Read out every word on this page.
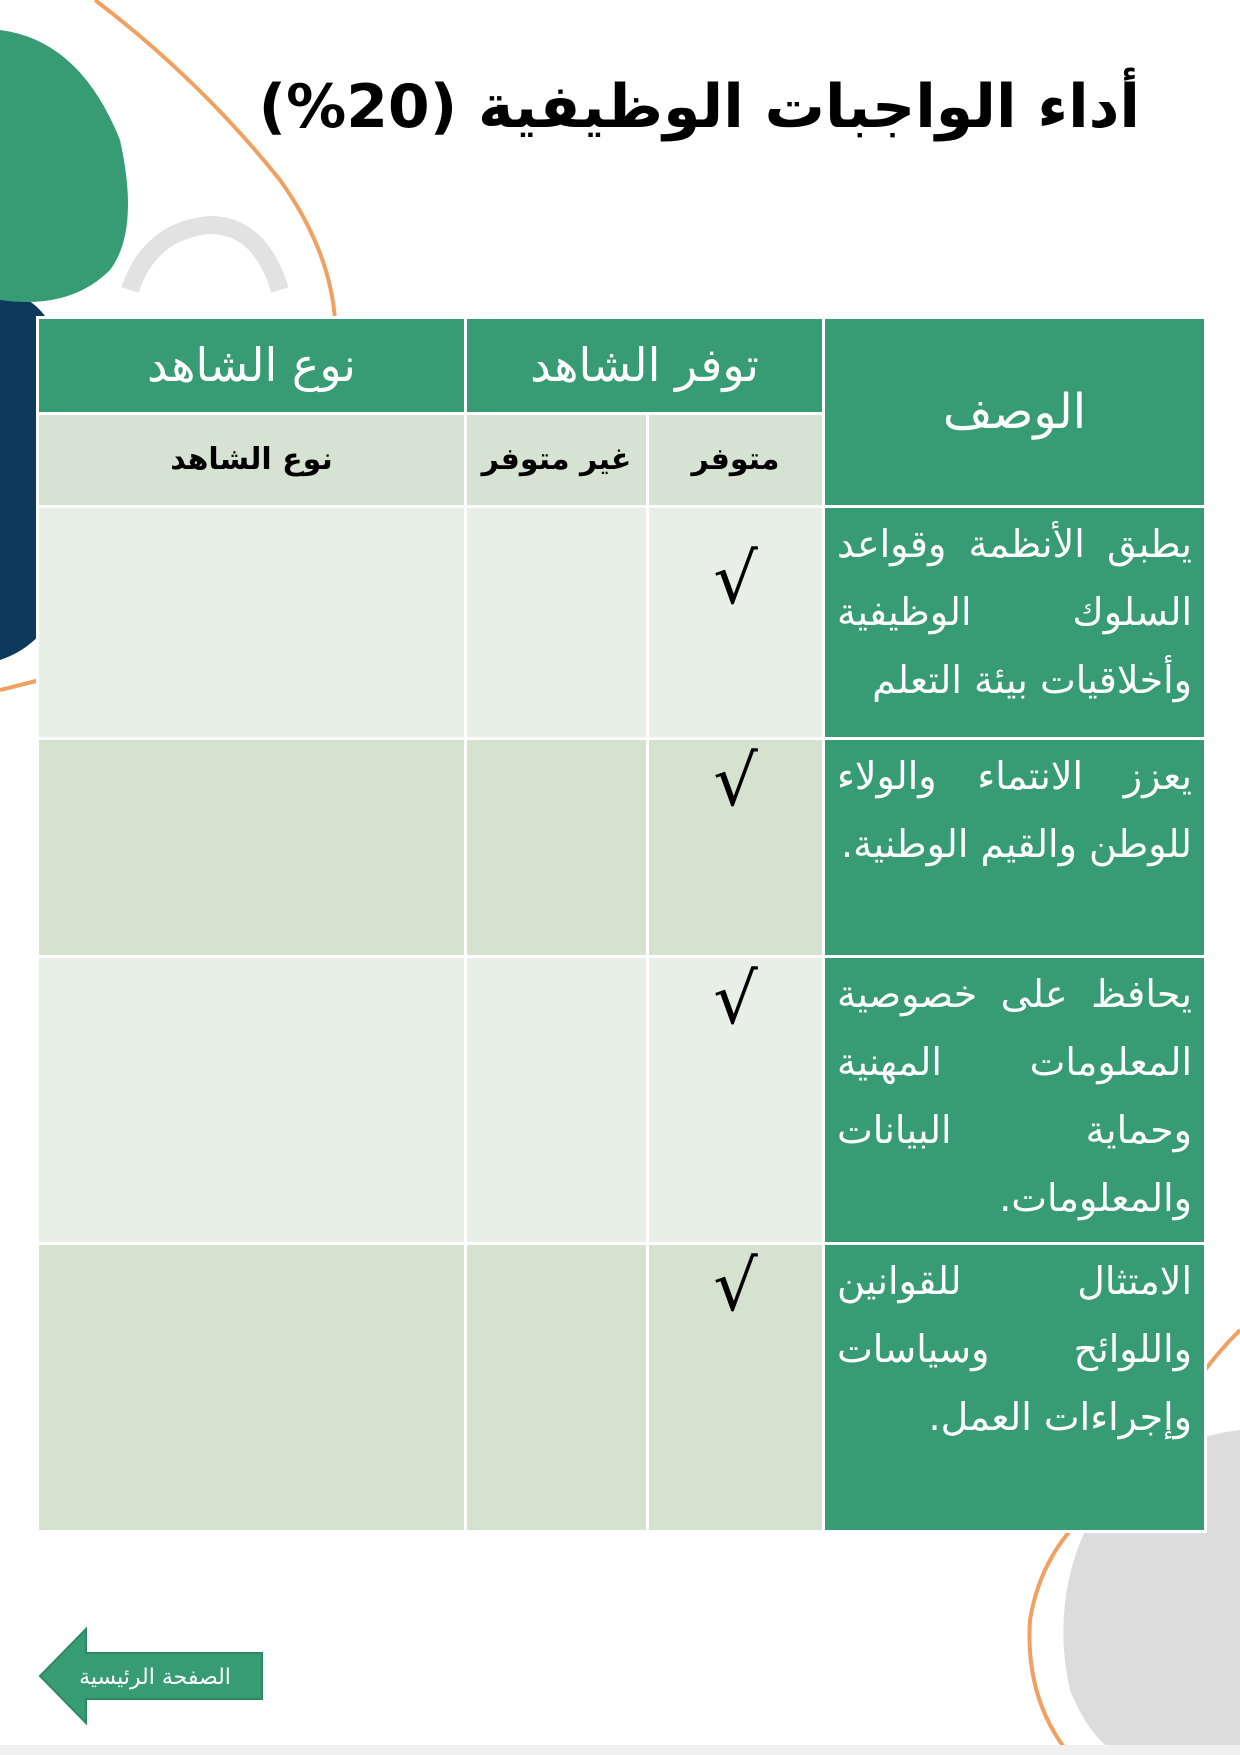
أداء الواجبات الوظيفية (20%)
الوصف	توفر الشاهد		نوع الشاهد
	متوفر	غير متوفر	نوع الشاهد
يطبق الأنظمة وقواعد السلوك الوظيفية وأخلاقيات بيئة التعلم	√		
يعزز الانتماء والولاء للوطن والقيم الوطنية.	√		
يحافظ على خصوصية المعلومات المهنية وحماية البيانات والمعلومات.	√		
الامتثال للقوانين واللوائح وسياسات وإجراءات العمل.	√		
الصفحة الرئيسية
